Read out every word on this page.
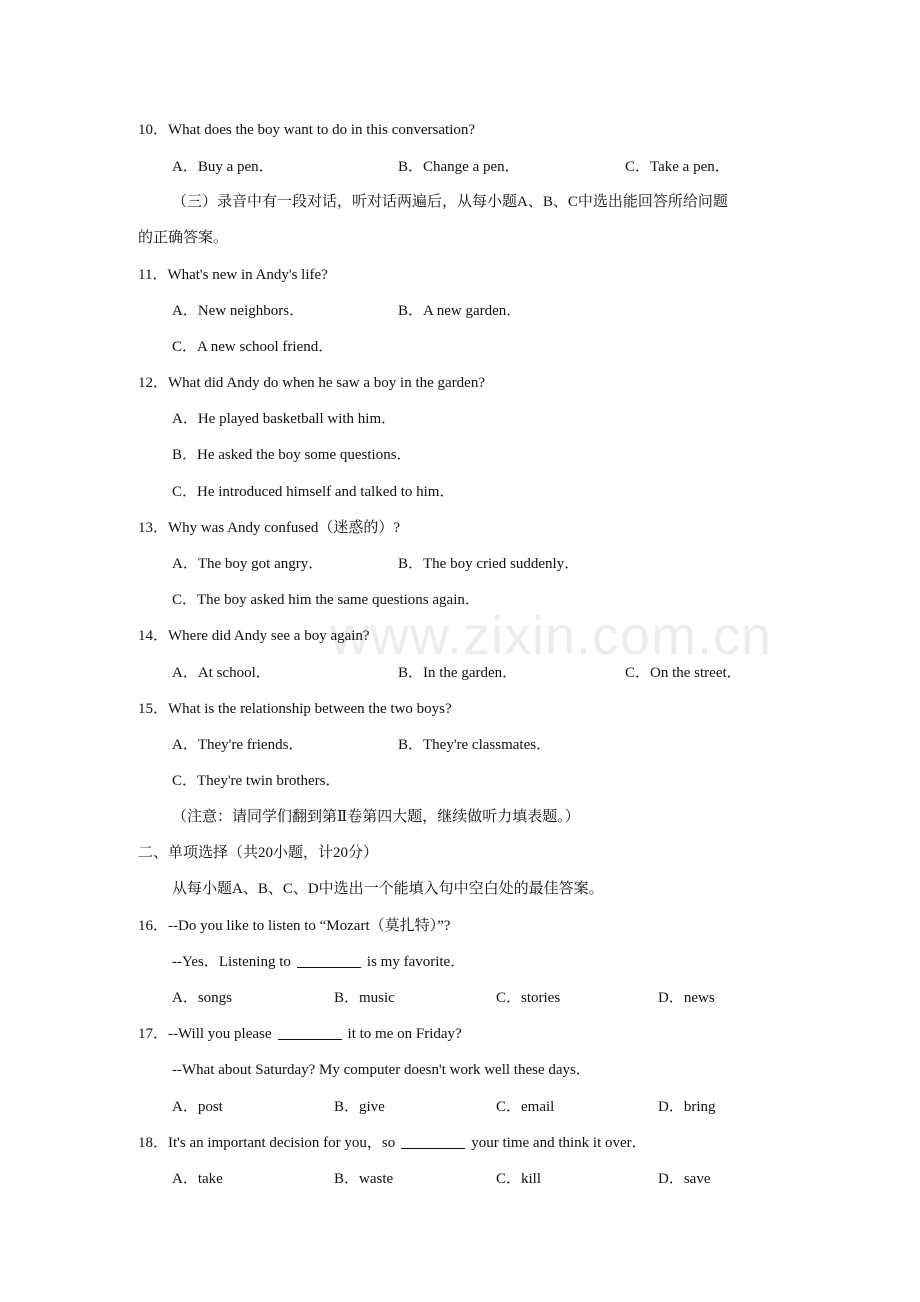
www.zixin.com.cn
10．What does the boy want to do in this conversation?
A．Buy a pen．	B．Change a pen．	C．Take a pen．
（三）录音中有一段对话，听对话两遍后，从每小题A、B、C中选出能回答所给问题
的正确答案。
11．What's new in Andy's life?
A．New neighbors．	B．A new garden．
C．A new school friend．
12．What did Andy do when he saw a boy in the garden?
A．He played basketball with him．
B．He asked the boy some questions．
C．He introduced himself and talked to him．
13．Why was Andy confused（迷惑的）?
A．The boy got angry．	B．The boy cried suddenly．
C．The boy asked him the same questions again．
14．Where did Andy see a boy again?
A．At school．	B．In the garden．	C．On the street．
15．What is the relationship between the two boys?
A．They're friends．	B．They're classmates．
C．They're twin brothers．
（注意：请同学们翻到第Ⅱ卷第四大题，继续做听力填表题。）
二、单项选择（共20小题，计20分）
从每小题A、B、C、D中选出一个能填入句中空白处的最佳答案。
16．--Do you like to listen to “Mozart（莫扎特）”?
--Yes．Listening to	is my favorite．
A．songs	B．music	C．stories	D．news
17．--Will you please	it to me on Friday?
--What about Saturday? My computer doesn't work well these days．
A．post	B．give	C．email	D．bring
18．It's an important decision for you，so	your time and think it over．
A．take	B．waste	C．kill	D．save
